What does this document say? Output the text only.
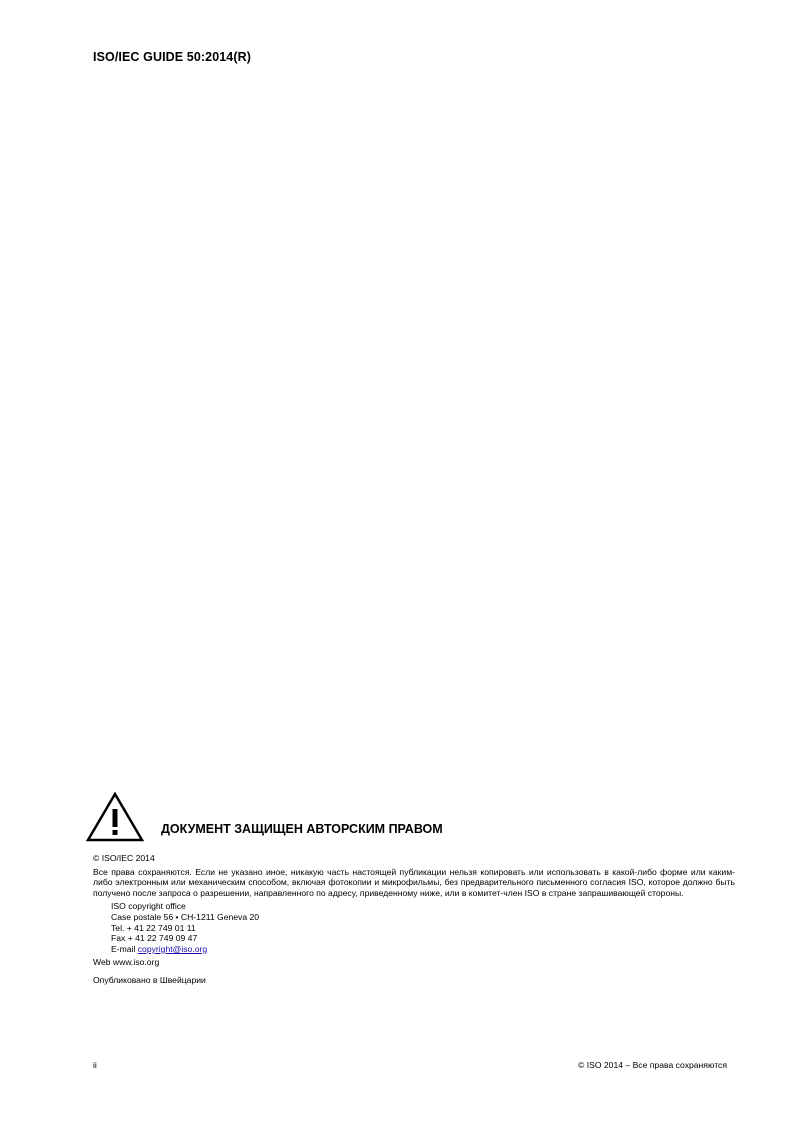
ISO/IEC GUIDE 50:2014(R)
ДОКУМЕНТ ЗАЩИЩЕН АВТОРСКИМ ПРАВОМ
© ISO/IEC 2014
Все права сохраняются. Если не указано иное, никакую часть настоящей публикации нельзя копировать или использовать в какой-либо форме или каким-либо электронным или механическим способом, включая фотокопии и микрофильмы, без предварительного письменного согласия ISO, которое должно быть получено после запроса о разрешении, направленного по адресу, приведенному ниже, или в комитет-член ISO в стране запрашивающей стороны.
ISO copyright office
Case postale 56 • CH-1211 Geneva 20
Tel. + 41 22 749 01 11
Fax + 41 22 749 09 47
E-mail copyright@iso.org
Web www.iso.org
Опубликовано в Швейцарии
ii	© ISO 2014 – Все права сохраняются
